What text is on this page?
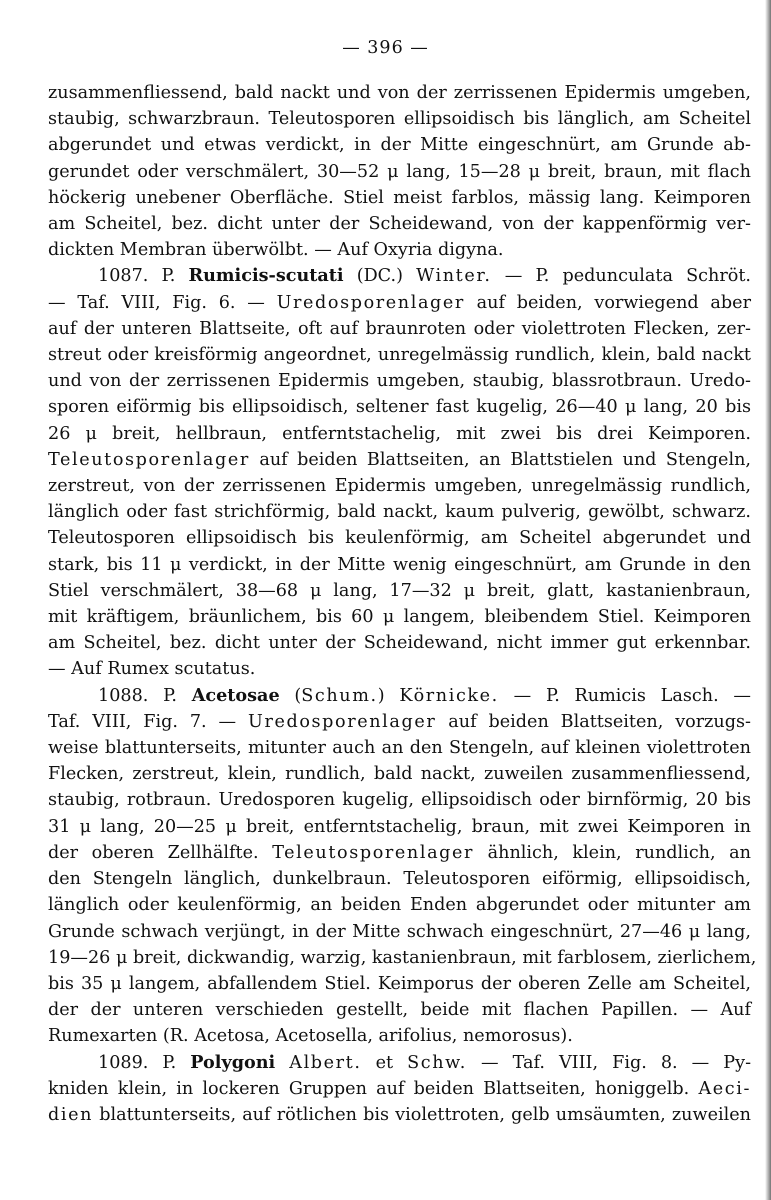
— 396 —
zusammenfliessend, bald nackt und von der zerrissenen Epidermis umgeben,
staubig, schwarzbraun. Teleutosporen ellipsoidisch bis länglich, am Scheitel
abgerundet und etwas verdickt, in der Mitte eingeschnürt, am Grunde ab-
gerundet oder verschmälert, 30—52 μ lang, 15—28 μ breit, braun, mit flach
höckerig unebener Oberfläche. Stiel meist farblos, mässig lang. Keimporen
am Scheitel, bez. dicht unter der Scheidewand, von der kappenförmig ver-
dickten Membran überwölbt. — Auf Oxyria digyna.
1087. P. Rumicis-scutati (DC.) Winter. — P. pedunculata Schröt.
— Taf. VIII, Fig. 6. — Uredosporenlager auf beiden, vorwiegend aber
auf der unteren Blattseite, oft auf braunroten oder violettroten Flecken, zer-
streut oder kreisförmig angeordnet, unregelmässig rundlich, klein, bald nackt
und von der zerrissenen Epidermis umgeben, staubig, blassrotbraun. Uredo-
sporen eiförmig bis ellipsoidisch, seltener fast kugelig, 26—40 μ lang, 20 bis
26 μ breit, hellbraun, entferntstachelig, mit zwei bis drei Keimporen.
Teleutosporenlager auf beiden Blattseiten, an Blattstielen und Stengeln,
zerstreut, von der zerrissenen Epidermis umgeben, unregelmässig rundlich,
länglich oder fast strichförmig, bald nackt, kaum pulverig, gewölbt, schwarz.
Teleutosporen ellipsoidisch bis keulenförmig, am Scheitel abgerundet und
stark, bis 11 μ verdickt, in der Mitte wenig eingeschnürt, am Grunde in den
Stiel verschmälert, 38—68 μ lang, 17—32 μ breit, glatt, kastanienbraun,
mit kräftigem, bräunlichem, bis 60 μ langem, bleibendem Stiel. Keimporen
am Scheitel, bez. dicht unter der Scheidewand, nicht immer gut erkennbar.
— Auf Rumex scutatus.
1088. P. Acetosae (Schum.) Körnicke. — P. Rumicis Lasch. —
Taf. VIII, Fig. 7. — Uredosporenlager auf beiden Blattseiten, vorzugs-
weise blattunterseits, mitunter auch an den Stengeln, auf kleinen violettroten
Flecken, zerstreut, klein, rundlich, bald nackt, zuweilen zusammenfliessend,
staubig, rotbraun. Uredosporen kugelig, ellipsoidisch oder birnförmig, 20 bis
31 μ lang, 20—25 μ breit, entferntstachelig, braun, mit zwei Keimporen in
der oberen Zellhälfte. Teleutosporenlager ähnlich, klein, rundlich, an
den Stengeln länglich, dunkelbraun. Teleutosporen eiförmig, ellipsoidisch,
länglich oder keulenförmig, an beiden Enden abgerundet oder mitunter am
Grunde schwach verjüngt, in der Mitte schwach eingeschnürt, 27—46 μ lang,
19—26 μ breit, dickwandig, warzig, kastanienbraun, mit farblosem, zierlichem,
bis 35 μ langem, abfallendem Stiel. Keimporus der oberen Zelle am Scheitel,
der der unteren verschieden gestellt, beide mit flachen Papillen. — Auf
Rumexarten (R. Acetosa, Acetosella, arifolius, nemorosus).
1089. P. Polygoni Albert. et Schw. — Taf. VIII, Fig. 8. — Py-
kniden klein, in lockeren Gruppen auf beiden Blattseiten, honiggelb. Aeci-
dien blattunterseits, auf rötlichen bis violettroten, gelb umsäumten, zuweilen
